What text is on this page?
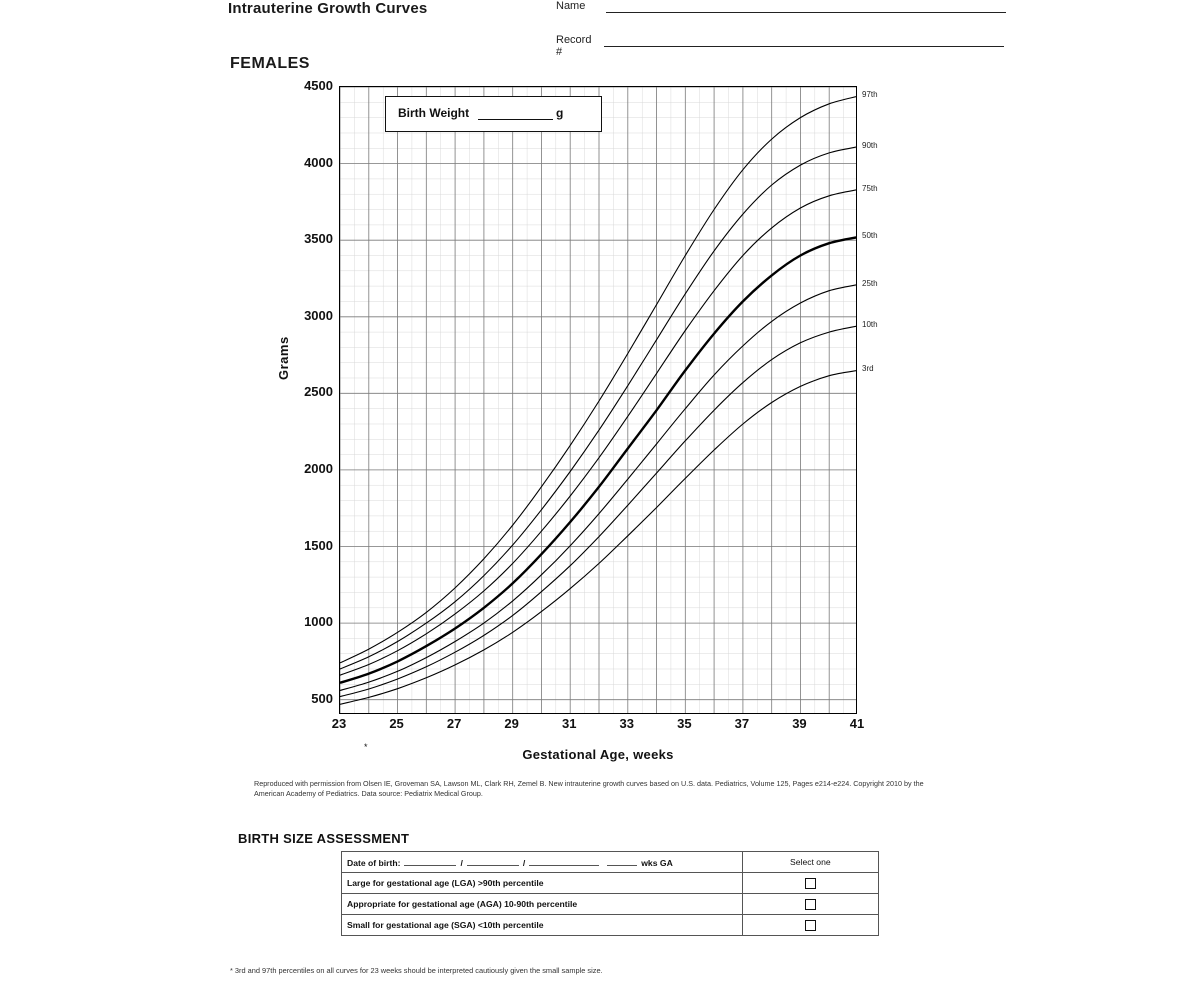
Intrauterine Growth Curves	Name
Record #
FEMALES
Grams
500
1000
1500
2000
2500
3000
3500
4000
4500
Birth Weight	g
97th
90th
75th
50th
25th
10th
3rd
23	25	27	29	31	33	35	37	39	41
*	Gestational Age, weeks
Reproduced with permission from Olsen IE, Groveman SA, Lawson ML, Clark RH, Zemel B. New intrauterine growth curves based on U.S. data. Pediatrics, Volume 125, Pages e214-e224. Copyright 2010 by the American Academy of Pediatrics. Data source: Pediatrix Medical Group.
BIRTH SIZE ASSESSMENT
Date of birth: / / wks GA	Select one
Large for gestational age (LGA) >90th percentile	
Appropriate for gestational age (AGA) 10-90th percentile	
Small for gestational age (SGA) <10th percentile	
* 3rd and 97th percentiles on all curves for 23 weeks should be interpreted cautiously given the small sample size.
